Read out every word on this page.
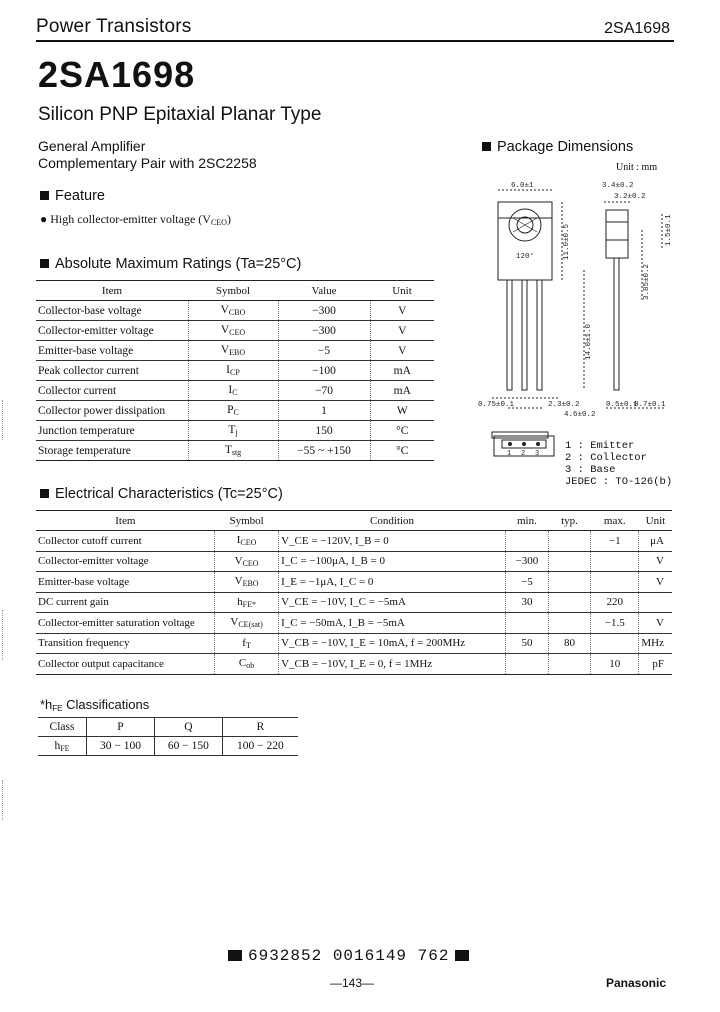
Power Transistors	2SA1698
2SA1698
Silicon PNP Epitaxial Planar Type
General Amplifier
Complementary Pair with 2SC2258
Feature
● High collector-emitter voltage $(V_{CEO})$
Absolute Maximum Ratings (Ta=25°C)
Item	Symbol	Value	Unit
Collector-base voltage	$V_{CBO}$	−300	V
Collector-emitter voltage	$V_{CEO}$	−300	V
Emitter-base voltage	$V_{EBO}$	−5	V
Peak collector current	$I_{CP}$	−100	mA
Collector current	$I_C$	−70	mA
Collector power dissipation	$P_C$	1	W
Junction temperature	$T_j$	150	°C
Storage temperature	$T_{stg}$	−55 ~ +150	°C
Package Dimensions
Unit : mm
6.0±1	3.4±0.2
3.2±0.2
120°
0.75±0.1	2.3±0.2
4.6±0.2
0.5±0.1
0.7±0.1
11.0±0.5
14.0±1.0
3.85±0.2
1.5±0.1
1 2 3
1 : Emitter
2 : Collector
3 : Base
JEDEC : TO-126(b)
Electrical Characteristics (Tc=25°C)
Item	Symbol	Condition	min.	typ.	max.	Unit
Collector cutoff current	$I_{CEO}$	V_CE = −120V, I_B = 0			−1	μA
Collector-emitter voltage	$V_{CEO}$	I_C = −100μA, I_B = 0	−300			V
Emitter-base voltage	$V_{EBO}$	I_E = −1μA, I_C = 0	−5			V
DC current gain	$h_{FE*}$	V_CE = −10V, I_C = −5mA	30		220	
Collector-emitter saturation voltage	$V_{CE(sat)}$	I_C = −50mA, I_B = −5mA			−1.5	V
Transition frequency	$f_T$	V_CB = −10V, I_E = 10mA, f = 200MHz	50	80		MHz
Collector output capacitance	$C_{ob}$	V_CB = −10V, I_E = 0, f = 1MHz			10	pF
$*h_{FE}$ Classifications
Class	P	Q	R
$h_{FE}$	30 − 100	60 − 150	100 − 220
6932852 0016149 762
—143—	Panasonic
